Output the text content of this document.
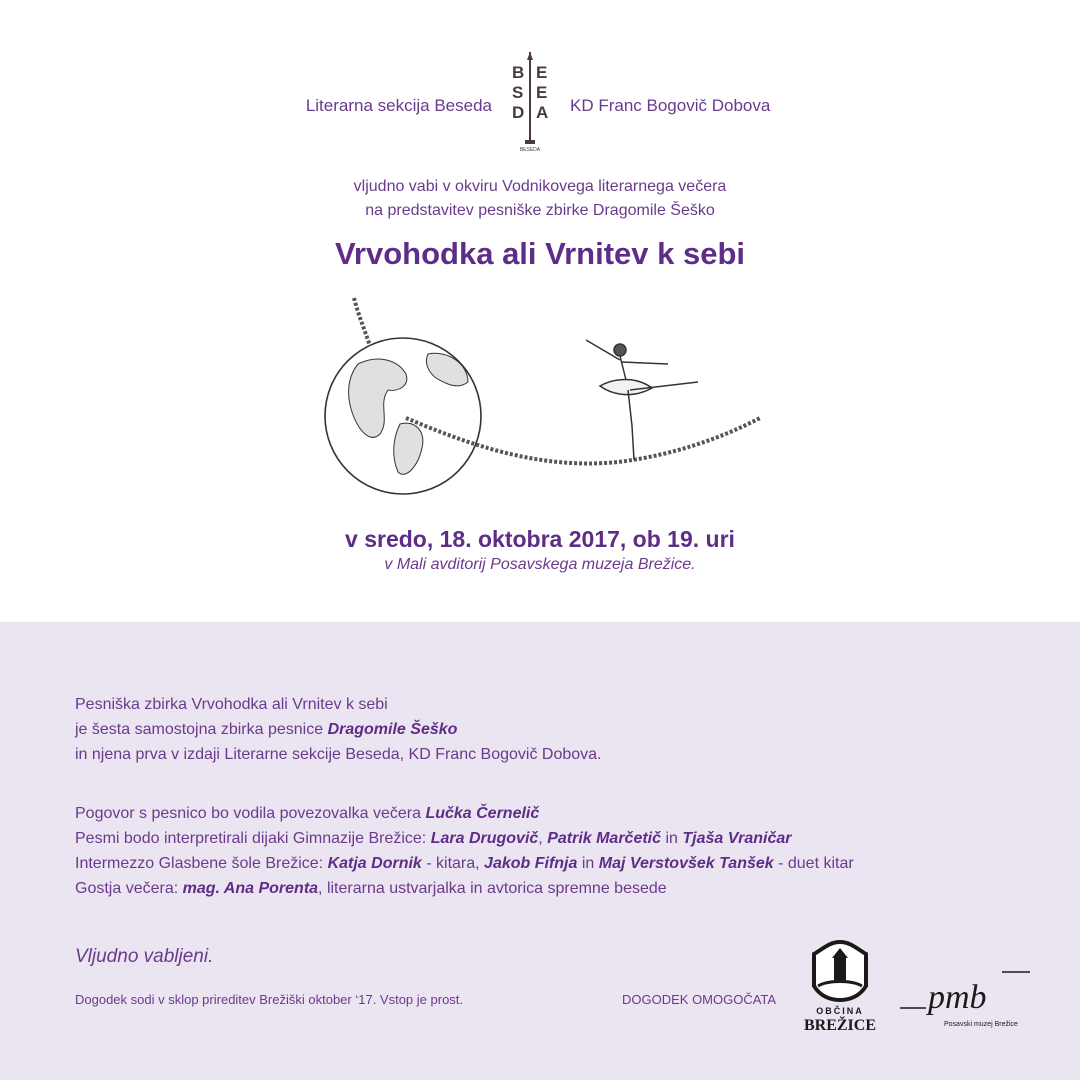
Literarna sekcija Beseda
B E
S E
D A
BESEDA
KD Franc Bogovič Dobova
vljudno vabi v okviru Vodnikovega literarnega večera
na predstavitev pesniške zbirke Dragomile Šeško
Vrvohodka ali Vrnitev k sebi
v sredo, 18. oktobra 2017, ob 19. uri
v Mali avditorij Posavskega muzeja Brežice.
Pesniška zbirka Vrvohodka ali Vrnitev k sebi
je šesta samostojna zbirka pesnice Dragomile Šeško
in njena prva v izdaji Literarne sekcije Beseda, KD Franc Bogovič Dobova.
Pogovor s pesnico bo vodila povezovalka večera Lučka Černelič
Pesmi bodo interpretirali dijaki Gimnazije Brežice: Lara Drugovič, Patrik Marčetič in Tjaša Vraničar
Intermezzo Glasbene šole Brežice: Katja Dornik - kitara, Jakob Fifnja in Maj Verstovšek Tanšek - duet kitar
Gostja večera: mag. Ana Porenta, literarna ustvarjalka in avtorica spremne besede
Vljudno vabljeni.
Dogodek sodi v sklop prireditev Brežiški oktober ‘17. Vstop je prost.	DOGODEK OMOGOČATA
OBČINA
BREŽICE
pmb
Posavski muzej Brežice
